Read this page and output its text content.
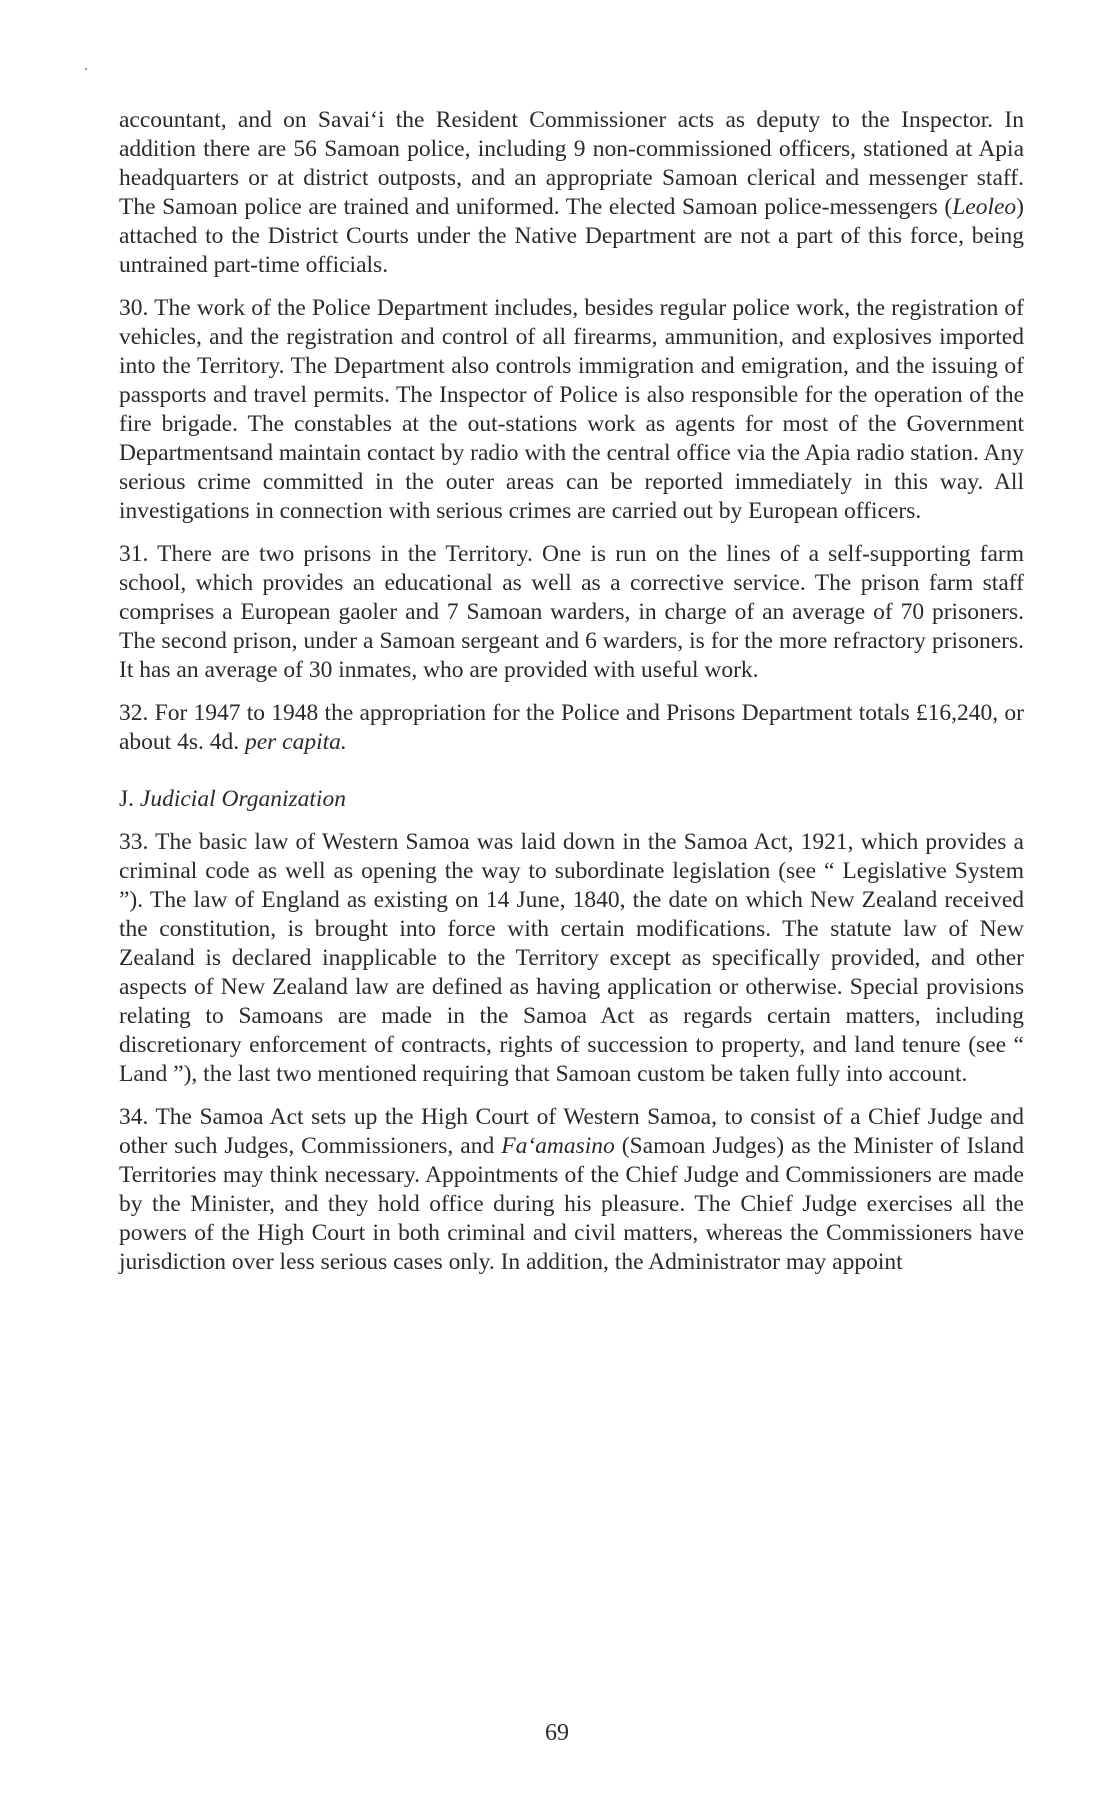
accountant, and on Savai‘i the Resident Commissioner acts as deputy to the Inspector. In addition there are 56 Samoan police, including 9 non-commissioned officers, stationed at Apia headquarters or at district outposts, and an appropriate Samoan clerical and messenger staff. The Samoan police are trained and uniformed. The elected Samoan police-messengers (Leoleo) attached to the District Courts under the Native Department are not a part of this force, being untrained part-time officials.

30. The work of the Police Department includes, besides regular police work, the registration of vehicles, and the registration and control of all firearms, ammunition, and explosives imported into the Territory. The Department also controls immigration and emigration, and the issuing of passports and travel permits. The Inspector of Police is also responsible for the operation of the fire brigade. The constables at the out-stations work as agents for most of the Government Departmentsand maintain contact by radio with the central office via the Apia radio station. Any serious crime committed in the outer areas can be reported immediately in this way. All investigations in connection with serious crimes are carried out by European officers.

31. There are two prisons in the Territory. One is run on the lines of a self-supporting farm school, which provides an educational as well as a corrective service. The prison farm staff comprises a European gaoler and 7 Samoan warders, in charge of an average of 70 prisoners. The second prison, under a Samoan sergeant and 6 warders, is for the more refractory prisoners. It has an average of 30 inmates, who are provided with useful work.

32. For 1947 to 1948 the appropriation for the Police and Prisons Department totals £16,240, or about 4s. 4d. per capita.

J. Judicial Organization

33. The basic law of Western Samoa was laid down in the Samoa Act, 1921, which provides a criminal code as well as opening the way to subordinate legislation (see “ Legislative System ”). The law of England as existing on 14 June, 1840, the date on which New Zealand received the constitution, is brought into force with certain modifications. The statute law of New Zealand is declared inapplicable to the Territory except as specifically provided, and other aspects of New Zealand law are defined as having application or otherwise. Special provisions relating to Samoans are made in the Samoa Act as regards certain matters, including discretionary enforcement of contracts, rights of succession to property, and land tenure (see “ Land ”), the last two mentioned requiring that Samoan custom be taken fully into account.

34. The Samoa Act sets up the High Court of Western Samoa, to consist of a Chief Judge and other such Judges, Commissioners, and Fa‘amasino (Samoan Judges) as the Minister of Island Territories may think necessary. Appointments of the Chief Judge and Commissioners are made by the Minister, and they hold office during his pleasure. The Chief Judge exercises all the powers of the High Court in both criminal and civil matters, whereas the Commissioners have jurisdiction over less serious cases only. In addition, the Administrator may appoint

69
